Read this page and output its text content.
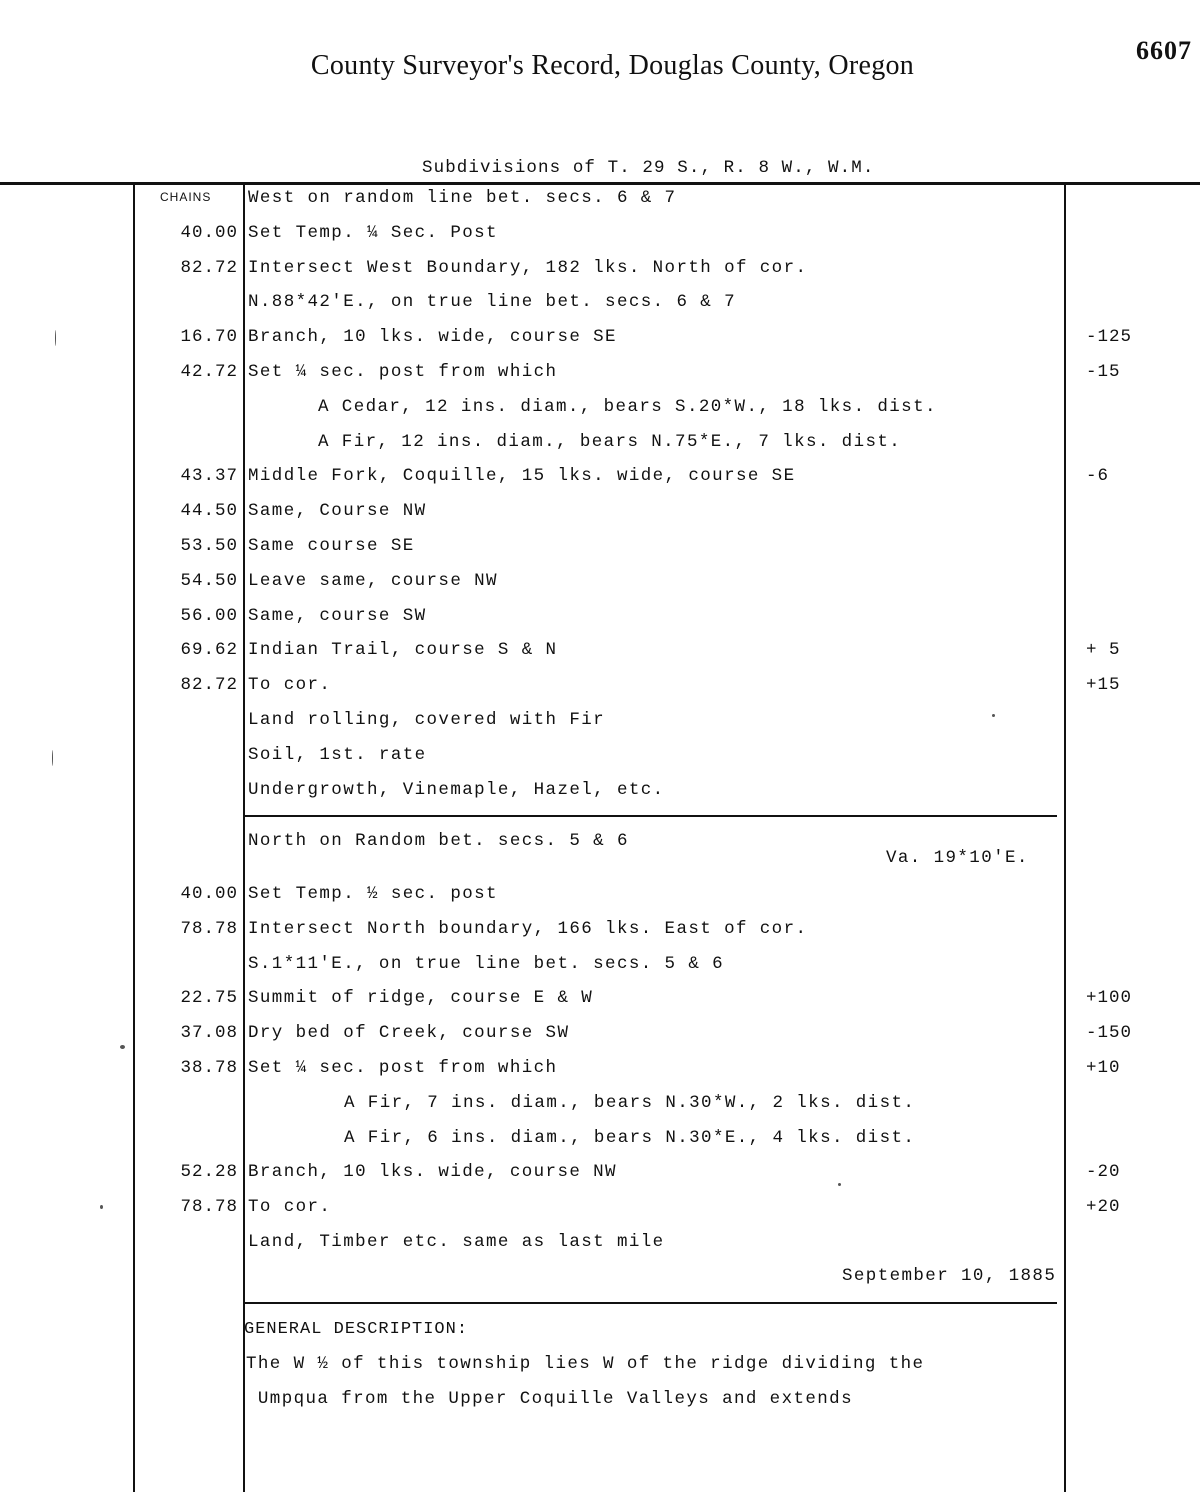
County Surveyor's Record, Douglas County, Oregon	6607
Subdivisions of T. 29 S., R. 8 W., W.M.
CHAINS West on random line bet. secs. 6 & 7
40.00 Set Temp. ¼ Sec. Post
82.72 Intersect West Boundary, 182 lks. North of cor.
N.88*42'E., on true line bet. secs. 6 & 7
16.70 Branch, 10 lks. wide, course SE	-125
42.72 Set ¼ sec. post from which	-15
A Cedar, 12 ins. diam., bears S.20*W., 18 lks. dist.
A Fir, 12 ins. diam., bears N.75*E., 7 lks. dist.
43.37 Middle Fork, Coquille, 15 lks. wide, course SE	-6
44.50 Same, Course NW
53.50 Same course SE
54.50 Leave same, course NW
56.00 Same, course SW
69.62 Indian Trail, course S & N	+ 5
82.72 To cor.	+15
Land rolling, covered with Fir
Soil, 1st. rate
Undergrowth, Vinemaple, Hazel, etc.
North on Random bet. secs. 5 & 6
40.00 Set Temp. ½ sec. post
78.78 Intersect North boundary, 166 lks. East of cor.
S.1*11'E., on true line bet. secs. 5 & 6
22.75 Summit of ridge, course E & W	+100
37.08 Dry bed of Creek, course SW	-150
38.78 Set ¼ sec. post from which	+10
A Fir, 7 ins. diam., bears N.30*W., 2 lks. dist.
A Fir, 6 ins. diam., bears N.30*E., 4 lks. dist.
52.28 Branch, 10 lks. wide, course NW	-20
78.78 To cor.	+20
Land, Timber etc. same as last mile
Va. 19*10'E.
September 10, 1885
GENERAL DESCRIPTION:
The W ½ of this township lies W of the ridge dividing the
Umpqua from the Upper Coquille Valleys and extends
